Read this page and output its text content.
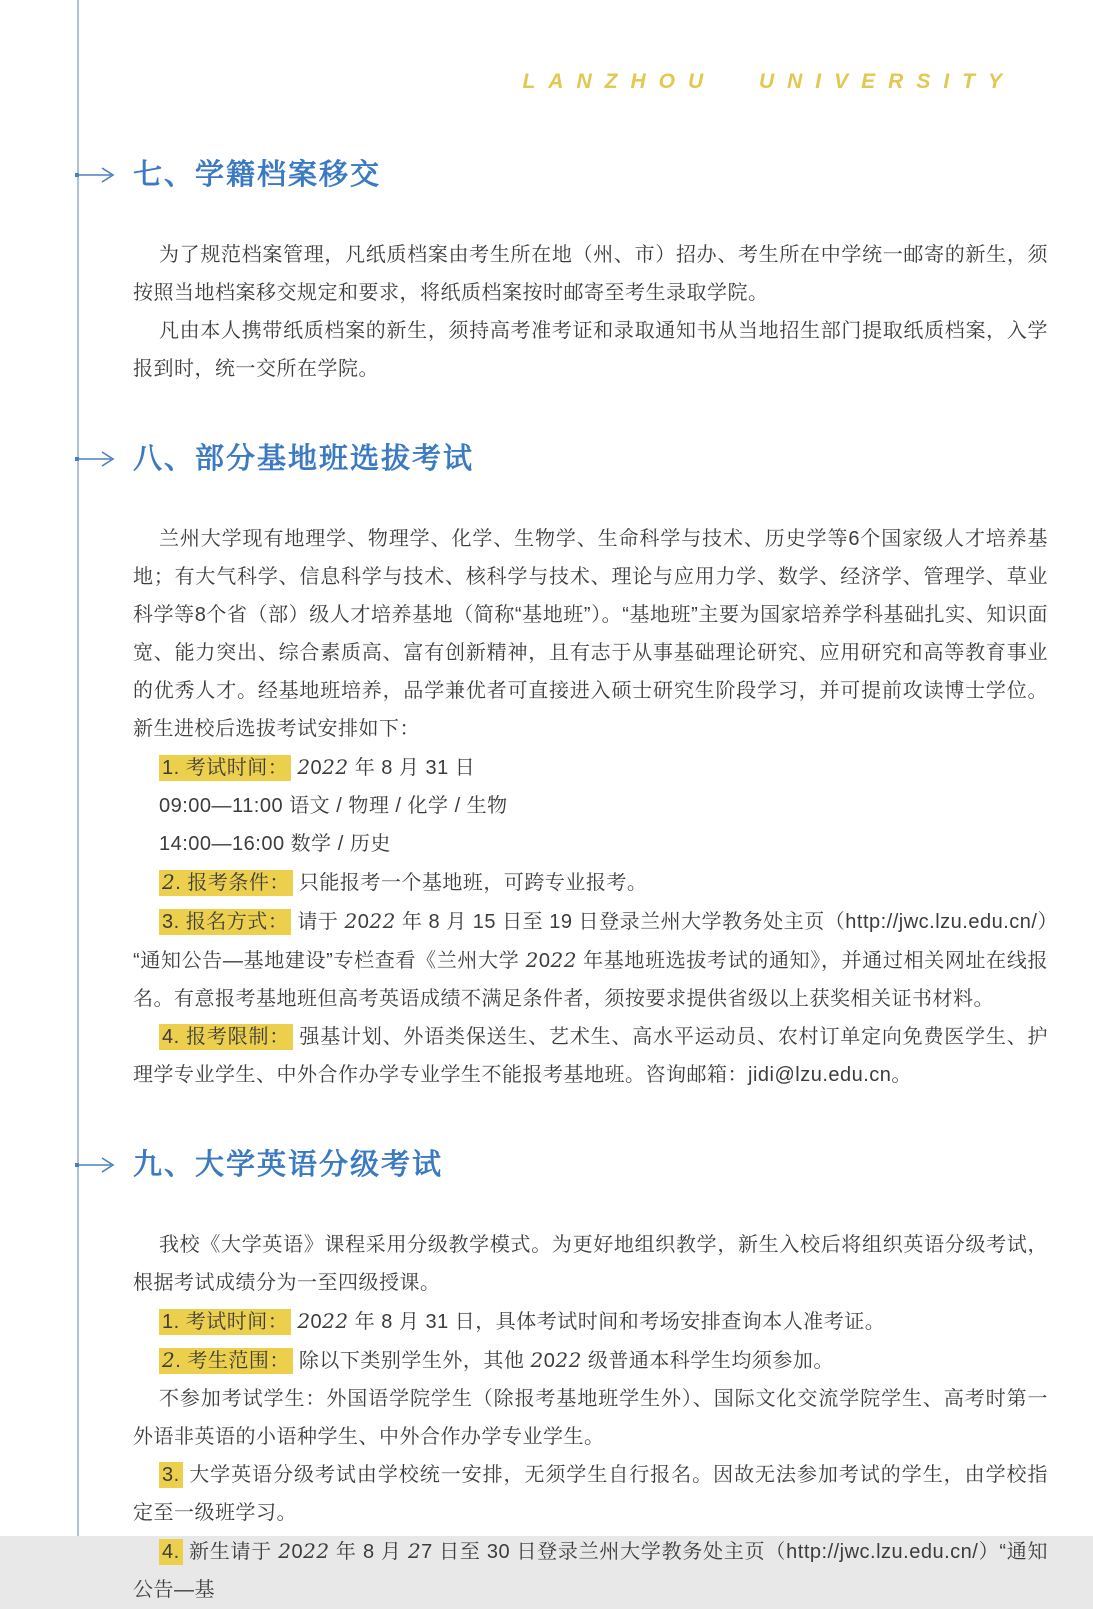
LANZHOU UNIVERSITY
七、学籍档案移交

为了规范档案管理，凡纸质档案由考生所在地（州、市）招办、考生所在中学统一邮寄的新生，须按照当地档案移交规定和要求，将纸质档案按时邮寄至考生录取学院。

凡由本人携带纸质档案的新生，须持高考准考证和录取通知书从当地招生部门提取纸质档案，入学报到时，统一交所在学院。

八、部分基地班选拔考试

兰州大学现有地理学、物理学、化学、生物学、生命科学与技术、历史学等6个国家级人才培养基地；有大气科学、信息科学与技术、核科学与技术、理论与应用力学、数学、经济学、管理学、草业科学等8个省（部）级人才培养基地（简称“基地班”）。“基地班”主要为国家培养学科基础扎实、知识面宽、能力突出、综合素质高、富有创新精神，且有志于从事基础理论研究、应用研究和高等教育事业的优秀人才。经基地班培养，品学兼优者可直接进入硕士研究生阶段学习，并可提前攻读博士学位。新生进校后选拔考试安排如下：

1. 考试时间： 2022 年 8 月 31 日

09:00—11:00 语文 / 物理 / 化学 / 生物

14:00—16:00 数学 / 历史

2. 报考条件： 只能报考一个基地班，可跨专业报考。

3. 报名方式： 请于 2022 年 8 月 15 日至 19 日登录兰州大学教务处主页（http://jwc.lzu.edu.cn/）“通知公告—基地建设”专栏查看《兰州大学 2022 年基地班选拔考试的通知》，并通过相关网址在线报名。有意报考基地班但高考英语成绩不满足条件者，须按要求提供省级以上获奖相关证书材料。

4. 报考限制： 强基计划、外语类保送生、艺术生、高水平运动员、农村订单定向免费医学生、护理学专业学生、中外合作办学专业学生不能报考基地班。咨询邮箱：jidi@lzu.edu.cn。

九、大学英语分级考试

我校《大学英语》课程采用分级教学模式。为更好地组织教学，新生入校后将组织英语分级考试，根据考试成绩分为一至四级授课。

1. 考试时间： 2022 年 8 月 31 日，具体考试时间和考场安排查询本人准考证。

2. 考生范围： 除以下类别学生外，其他 2022 级普通本科学生均须参加。

不参加考试学生：外国语学院学生（除报考基地班学生外）、国际文化交流学院学生、高考时第一外语非英语的小语种学生、中外合作办学专业学生。

3. 大学英语分级考试由学校统一安排，无须学生自行报名。因故无法参加考试的学生，由学校指定至一级班学习。

4. 新生请于 2022 年 8 月 27 日至 30 日登录兰州大学教务处主页（http://jwc.lzu.edu.cn/）“通知公告—基
